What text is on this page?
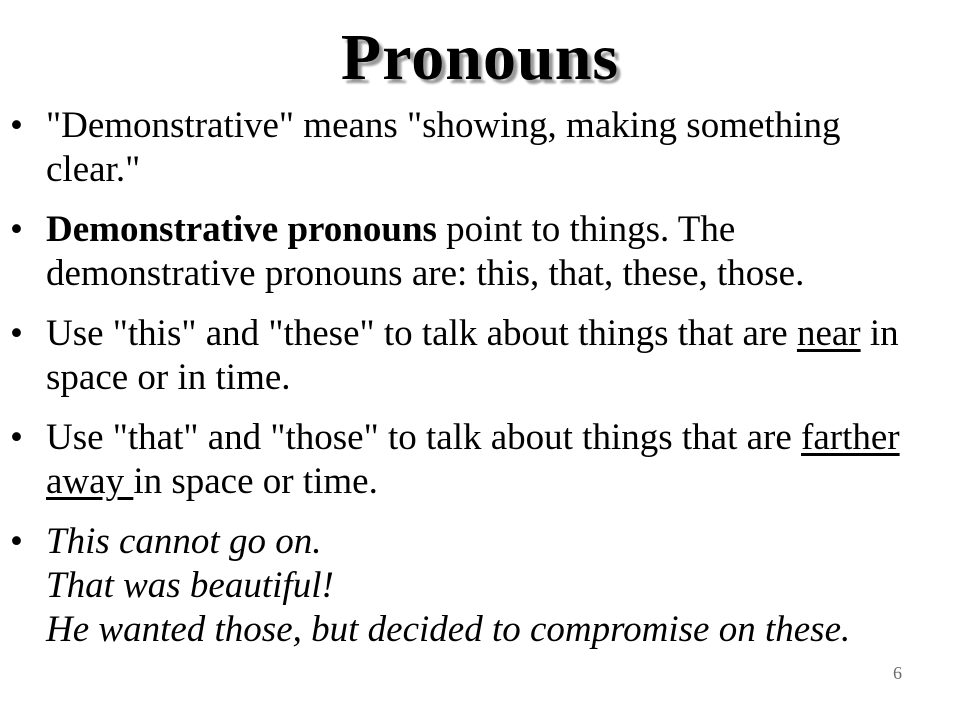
Pronouns
• "Demonstrative" means "showing, making something clear."
• Demonstrative pronouns point to things. The demonstrative pronouns are: this, that, these, those.
• Use "this" and "these" to talk about things that are near in space or in time.
• Use "that" and "those" to talk about things that are farther away in space or time.
• This cannot go on.
That was beautiful!
He wanted those, but decided to compromise on these.
6
